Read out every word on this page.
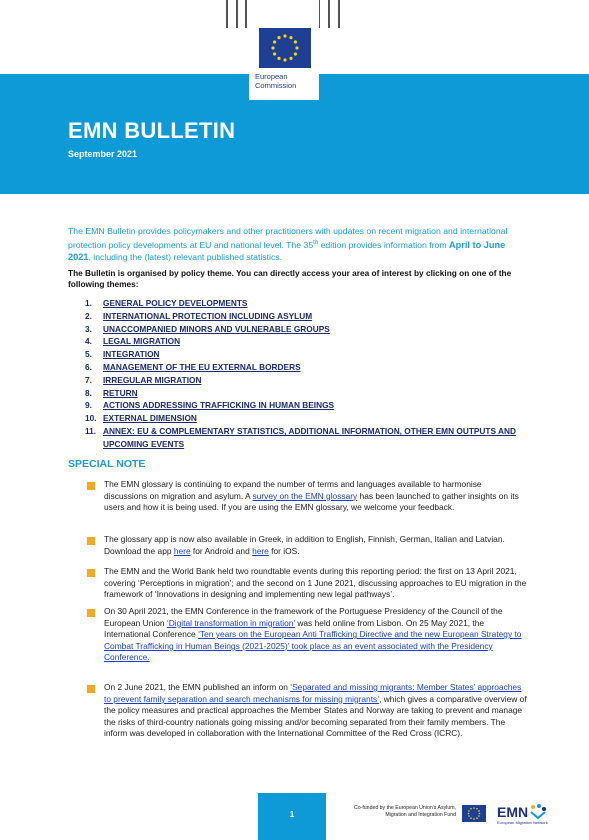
European
Commission
EMN BULLETIN
September 2021

The EMN Bulletin provides policymakers and other practitioners with updates on recent migration and international protection policy developments at EU and national level. The 35th edition provides information from April to June 2021, including the (latest) relevant published statistics.

The Bulletin is organised by policy theme. You can directly access your area of interest by clicking on one of the following themes:

1.	GENERAL POLICY DEVELOPMENTS
2.	INTERNATIONAL PROTECTION INCLUDING ASYLUM
3.	UNACCOMPANIED MINORS AND VULNERABLE GROUPS
4.	LEGAL MIGRATION
5.	INTEGRATION
6.	MANAGEMENT OF THE EU EXTERNAL BORDERS
7.	IRREGULAR MIGRATION
8.	RETURN
9.	ACTIONS ADDRESSING TRAFFICKING IN HUMAN BEINGS
10. EXTERNAL DIMENSION
11. ANNEX: EU & COMPLEMENTARY STATISTICS, ADDITIONAL INFORMATION, OTHER EMN OUTPUTS AND UPCOMING EVENTS
SPECIAL NOTE

The EMN glossary is continuing to expand the number of terms and languages available to harmonise discussions on migration and asylum. A survey on the EMN glossary has been launched to gather insights on its users and how it is being used. If you are using the EMN glossary, we welcome your feedback.

The glossary app is now also available in Greek, in addition to English, Finnish, German, Italian and Latvian. Download the app here for Android and here for iOS.

The EMN and the World Bank held two roundtable events during this reporting period: the first on 13 April 2021, covering ‘Perceptions in migration’; and the second on 1 June 2021, discussing approaches to EU migration in the framework of ‘Innovations in designing and implementing new legal pathways’.

On 30 April 2021, the EMN Conference in the framework of the Portuguese Presidency of the Council of the European Union ‘Digital transformation in migration’ was held online from Lisbon. On 25 May 2021, the International Conference ‘Ten years on the European Anti Trafficking Directive and the new European Strategy to Combat Trafficking in Human Beings (2021-2025)’ took place as an event associated with the Presidency Conference.

On 2 June 2021, the EMN published an inform on ‘Separated and missing migrants: Member States’ approaches to prevent family separation and search mechanisms for missing migrants’, which gives a comparative overview of the policy measures and practical approaches the Member States and Norway are taking to prevent and manage the risks of third-country nationals going missing and/or becoming separated from their family members. The inform was developed in collaboration with the International Committee of the Red Cross (ICRC).

1
Co-funded by the European Union’s Asylum, Migration and Integration Fund	EMN
European Migration Network
